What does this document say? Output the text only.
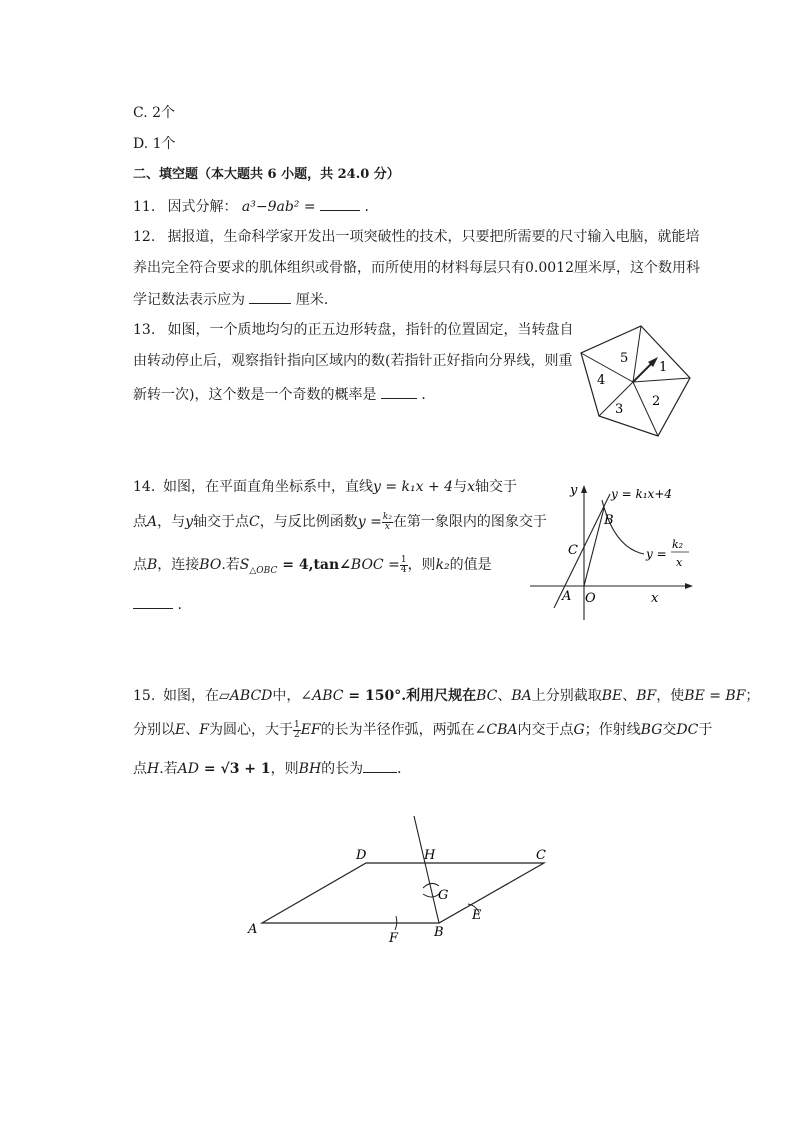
C. 2个
D. 1个
二、填空题（本大题共 6 小题，共 24.0 分）
11. 因式分解： a³−9ab² =	.
12. 据报道，生命科学家开发出一项突破性的技术，只要把所需要的尺寸输入电脑，就能培
养出完全符合要求的肌体组织或骨骼，而所使用的材料每层只有0.0012厘米厚，这个数用科
学记数法表示应为	厘米．
13. 如图，一个质地均匀的正五边形转盘，指针的位置固定，当转盘自
由转动停止后，观察指针指向区域内的数(若指针正好指向分界线，则重
新转一次)，这个数是一个奇数的概率是	．
5
1
2
3
4
14. 如图，在平面直角坐标系中，直线y = k₁x + 4与x轴交于
点A，与y轴交于点C，与反比例函数$y = \frac{\text{k₂}}{x}$ 在第一象限内的图象交于
点B，连接BO.若$S_{\triangle OBC}$ = 4,tan∠BOC = $\frac{1}{4}$ ，则k₂的值是
.
y
x
O
y = k₁x+4
y =
k₂
x
A
B
C
15. 如图，在▱ABCD中，∠ABC = 150°.利用尺规在BC、BA上分别截取BE、BF，使BE = BF；
分别以E、F为圆心，大于 $\frac{1}{2}$ EF的长为半径作弧，两弧在∠CBA内交于点G；作射线BG交DC于
点H.若AD = √3 + 1，则BH的长为 ．
A	B
C
D
E
F
G
H
